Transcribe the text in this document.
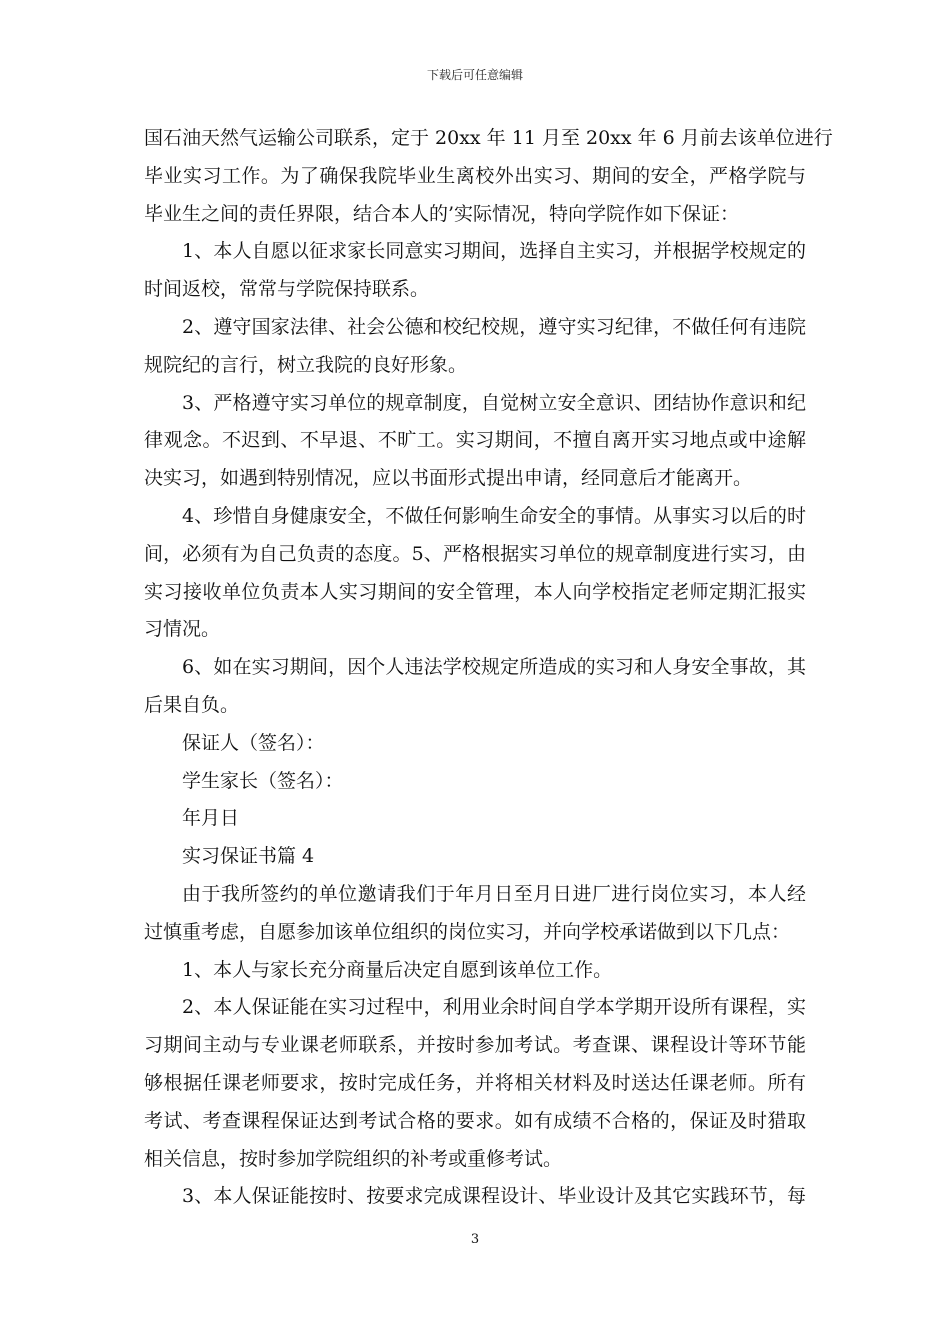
下载后可任意编辑
国石油天然气运输公司联系，定于 20xx 年 11 月至 20xx 年 6 月前去该单位进行
毕业实习工作。为了确保我院毕业生离校外出实习、期间的安全，严格学院与
毕业生之间的责任界限，结合本人的’实际情况，特向学院作如下保证：
1、本人自愿以征求家长同意实习期间，选择自主实习，并根据学校规定的
时间返校，常常与学院保持联系。
2、遵守国家法律、社会公德和校纪校规，遵守实习纪律，不做任何有违院
规院纪的言行，树立我院的良好形象。
3、严格遵守实习单位的规章制度，自觉树立安全意识、团结协作意识和纪
律观念。不迟到、不早退、不旷工。实习期间，不擅自离开实习地点或中途解
决实习，如遇到特别情况，应以书面形式提出申请，经同意后才能离开。
4、珍惜自身健康安全，不做任何影响生命安全的事情。从事实习以后的时
间，必须有为自己负责的态度。5、严格根据实习单位的规章制度进行实习，由
实习接收单位负责本人实习期间的安全管理，本人向学校指定老师定期汇报实
习情况。
6、如在实习期间，因个人违法学校规定所造成的实习和人身安全事故，其
后果自负。
保证人（签名）：
学生家长（签名）：
年月日
实习保证书篇 4
由于我所签约的单位邀请我们于年月日至月日进厂进行岗位实习，本人经
过慎重考虑，自愿参加该单位组织的岗位实习，并向学校承诺做到以下几点：
1、本人与家长充分商量后决定自愿到该单位工作。
2、本人保证能在实习过程中，利用业余时间自学本学期开设所有课程，实
习期间主动与专业课老师联系，并按时参加考试。考查课、课程设计等环节能
够根据任课老师要求，按时完成任务，并将相关材料及时送达任课老师。所有
考试、考查课程保证达到考试合格的要求。如有成绩不合格的，保证及时猎取
相关信息，按时参加学院组织的补考或重修考试。
3、本人保证能按时、按要求完成课程设计、毕业设计及其它实践环节，每
3
